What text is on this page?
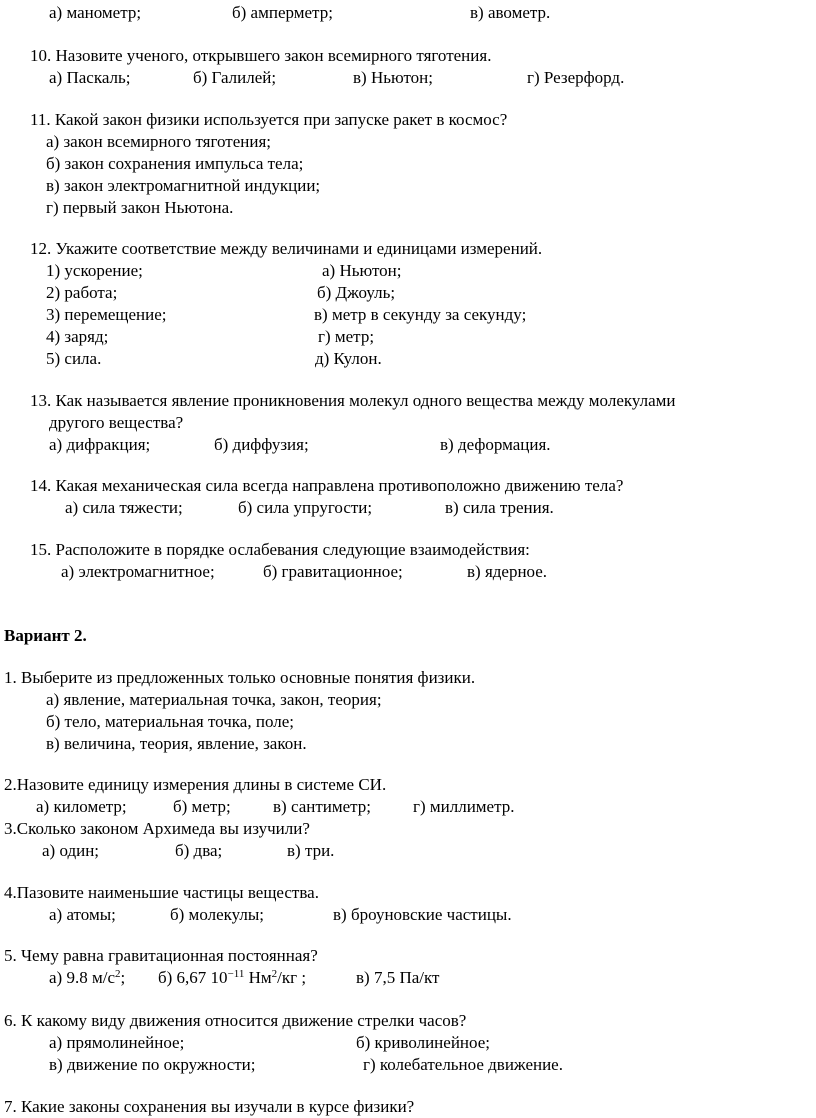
а) манометр;	б) амперметр;	в) авометр.
10. Назовите ученого, открывшего закон всемирного тяготения.
а) Паскаль;	б) Галилей;	в) Ньютон;	г) Резерфорд.
11. Какой закон физики используется при запуске ракет в космос?
а) закон всемирного тяготения;
б) закон сохранения импульса тела;
в) закон электромагнитной индукции;
г) первый закон Ньютона.
12. Укажите соответствие между величинами и единицами измерений.
1) ускорение;	а) Ньютон;
2) работа;	б) Джоуль;
3) перемещение;	в) метр в секунду за секунду;
4) заряд;	г) метр;
5) сила.	д) Кулон.
13. Как называется явление проникновения молекул одного вещества между молекулами
другого вещества?
а) дифракция;	б) диффузия;	в) деформация.
14. Какая механическая сила всегда направлена противоположно движению тела?
а) сила тяжести;	б) сила упругости;	в) сила трения.
15. Расположите в порядке ослабевания следующие взаимодействия:
а) электромагнитное;	б) гравитационное;	в) ядерное.
Вариант 2.
1. Выберите из предложенных только основные понятия физики.
а) явление, материальная точка, закон, теория;
б) тело, материальная точка, поле;
в) величина, теория, явление, закон.
2.Назовите единицу измерения длины в системе СИ.
а) километр;	б) метр; в) сантиметр; г) миллиметр.
3.Сколько законом Архимеда вы изучили?
а) один;	б) два;	в) три.
4.Пазовите наименьшие частицы вещества.
а) атомы;	б) молекулы;	в) броуновские частицы.
5. Чему равна гравитационная постоянная?
а) 9.8 $м/с^2$; б) 6,67 $10^{-11}$ $Нм^2/кг$ ;	в) 7,5 Па/кт
6. К какому виду движения относится движение стрелки часов?
а) прямолинейное;	б) криволинейное;
в) движение по окружности;	г) колебательное движение.
7. Какие законы сохранения вы изучали в курсе физики?
